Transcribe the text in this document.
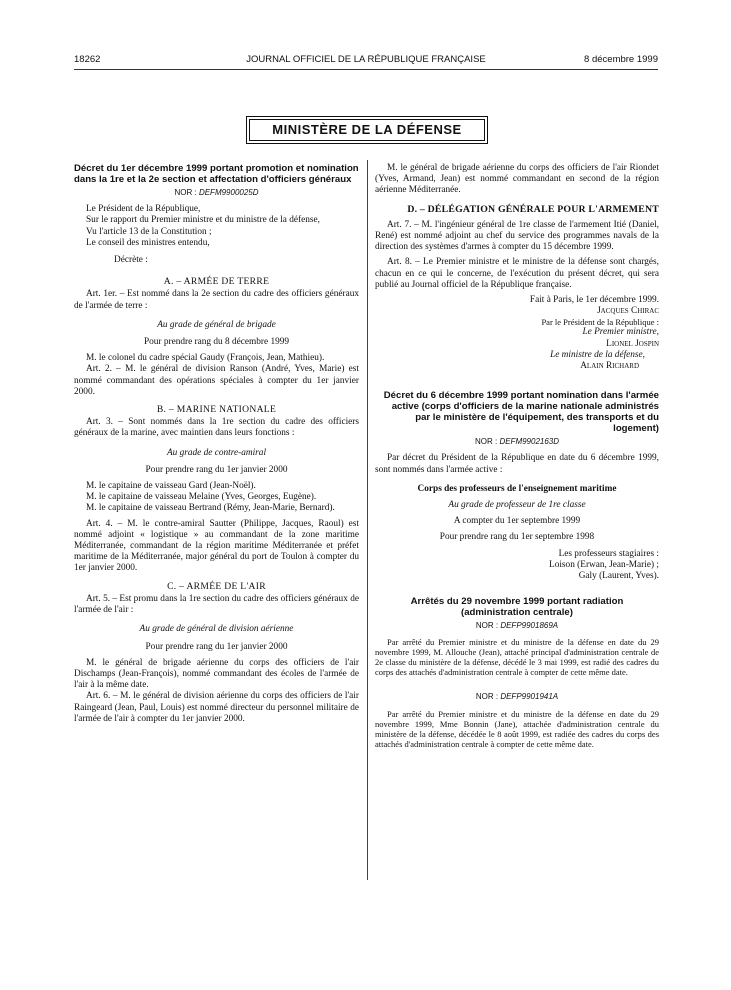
18262	JOURNAL OFFICIEL DE LA RÉPUBLIQUE FRANÇAISE	8 décembre 1999
MINISTÈRE DE LA DÉFENSE

Décret du 1er décembre 1999 portant promotion et nomination dans la 1re et la 2e section et affectation d'officiers généraux

NOR : DEFM9900025D

Le Président de la République,

Sur le rapport du Premier ministre et du ministre de la défense,

Vu l'article 13 de la Constitution ;

Le conseil des ministres entendu,

Décrète :

A. – ARMÉE DE TERRE

Art. 1er. – Est nommé dans la 2e section du cadre des officiers généraux de l'armée de terre :

Au grade de général de brigade

Pour prendre rang du 8 décembre 1999

M. le colonel du cadre spécial Gaudy (François, Jean, Mathieu).

Art. 2. – M. le général de division Ranson (André, Yves, Marie) est nommé commandant des opérations spéciales à compter du 1er janvier 2000.

B. – MARINE NATIONALE

Art. 3. – Sont nommés dans la 1re section du cadre des officiers généraux de la marine, avec maintien dans leurs fonctions :

Au grade de contre-amiral

Pour prendre rang du 1er janvier 2000

M. le capitaine de vaisseau Gard (Jean-Noël).

M. le capitaine de vaisseau Melaine (Yves, Georges, Eugène).

M. le capitaine de vaisseau Bertrand (Rémy, Jean-Marie, Bernard).

Art. 4. – M. le contre-amiral Sautter (Philippe, Jacques, Raoul) est nommé adjoint « logistique » au commandant de la zone maritime Méditerranée, commandant de la région maritime Méditerranée et préfet maritime de la Méditerranée, major général du port de Toulon à compter du 1er janvier 2000.

C. – ARMÉE DE L'AIR

Art. 5. – Est promu dans la 1re section du cadre des officiers généraux de l'armée de l'air :

Au grade de général de division aérienne

Pour prendre rang du 1er janvier 2000

M. le général de brigade aérienne du corps des officiers de l'air Dischamps (Jean-François), nommé commandant des écoles de l'armée de l'air à la même date.

Art. 6. – M. le général de division aérienne du corps des officiers de l'air Raingeard (Jean, Paul, Louis) est nommé directeur du personnel militaire de l'armée de l'air à compter du 1er janvier 2000.

M. le général de brigade aérienne du corps des officiers de l'air Riondet (Yves, Armand, Jean) est nommé commandant en second de la région aérienne Méditerranée.

D. – DÉLÉGATION GÉNÉRALE POUR L'ARMEMENT

Art. 7. – M. l'ingénieur général de 1re classe de l'armement Itié (Daniel, René) est nommé adjoint au chef du service des programmes navals de la direction des systèmes d'armes à compter du 15 décembre 1999.

Art. 8. – Le Premier ministre et le ministre de la défense sont chargés, chacun en ce qui le concerne, de l'exécution du présent décret, qui sera publié au Journal officiel de la République française.

Fait à Paris, le 1er décembre 1999.

Jacques Chirac

Par le Président de la République :

Le Premier ministre,

Lionel Jospin

Le ministre de la défense,

Alain Richard

Décret du 6 décembre 1999 portant nomination dans l'armée active (corps d'officiers de la marine nationale administrés par le ministère de l'équipement, des transports et du logement)

NOR : DEFM9902163D

Par décret du Président de la République en date du 6 décembre 1999, sont nommés dans l'armée active :

Corps des professeurs de l'enseignement maritime

Au grade de professeur de 1re classe

A compter du 1er septembre 1999

Pour prendre rang du 1er septembre 1998

Les professeurs stagiaires :

Loison (Erwan, Jean-Marie) ;

Galy (Laurent, Yves).

Arrêtés du 29 novembre 1999 portant radiation (administration centrale)

NOR : DEFP9901869A

Par arrêté du Premier ministre et du ministre de la défense en date du 29 novembre 1999, M. Allouche (Jean), attaché principal d'administration centrale de 2e classe du ministère de la défense, décédé le 3 mai 1999, est radié des cadres du corps des attachés d'administration centrale à compter de cette même date.

NOR : DEFP9901941A

Par arrêté du Premier ministre et du ministre de la défense en date du 29 novembre 1999, Mme Bonnin (Jane), attachée d'administration centrale du ministère de la défense, décédée le 8 août 1999, est radiée des cadres du corps des attachés d'administration centrale à compter de cette même date.
